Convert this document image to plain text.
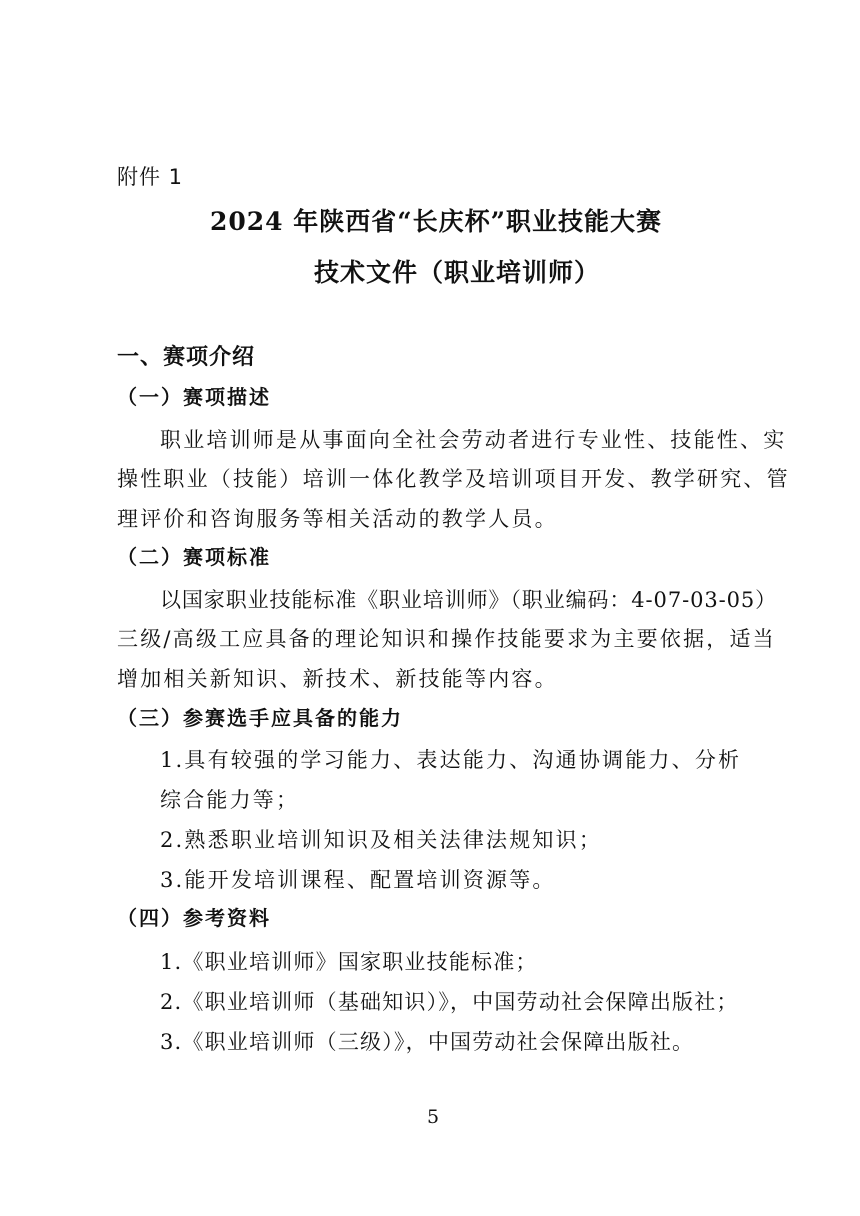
附件 1
2024 年陕西省“长庆杯”职业技能大赛
技术文件（职业培训师）
一、赛项介绍
（一）赛项描述
职业培训师是从事面向全社会劳动者进行专业性、技能性、实
操性职业（技能）培训一体化教学及培训项目开发、教学研究、管
理评价和咨询服务等相关活动的教学人员。
（二）赛项标准
以国家职业技能标准《职业培训师》（职业编码：4-07-03-05）
三级/高级工应具备的理论知识和操作技能要求为主要依据，适当
增加相关新知识、新技术、新技能等内容。
（三）参赛选手应具备的能力
1.具有较强的学习能力、表达能力、沟通协调能力、分析
综合能力等；
2.熟悉职业培训知识及相关法律法规知识；
3.能开发培训课程、配置培训资源等。
（四）参考资料
1.《职业培训师》国家职业技能标准；
2.《职业培训师（基础知识）》，中国劳动社会保障出版社；
3.《职业培训师（三级）》，中国劳动社会保障出版社。
5
